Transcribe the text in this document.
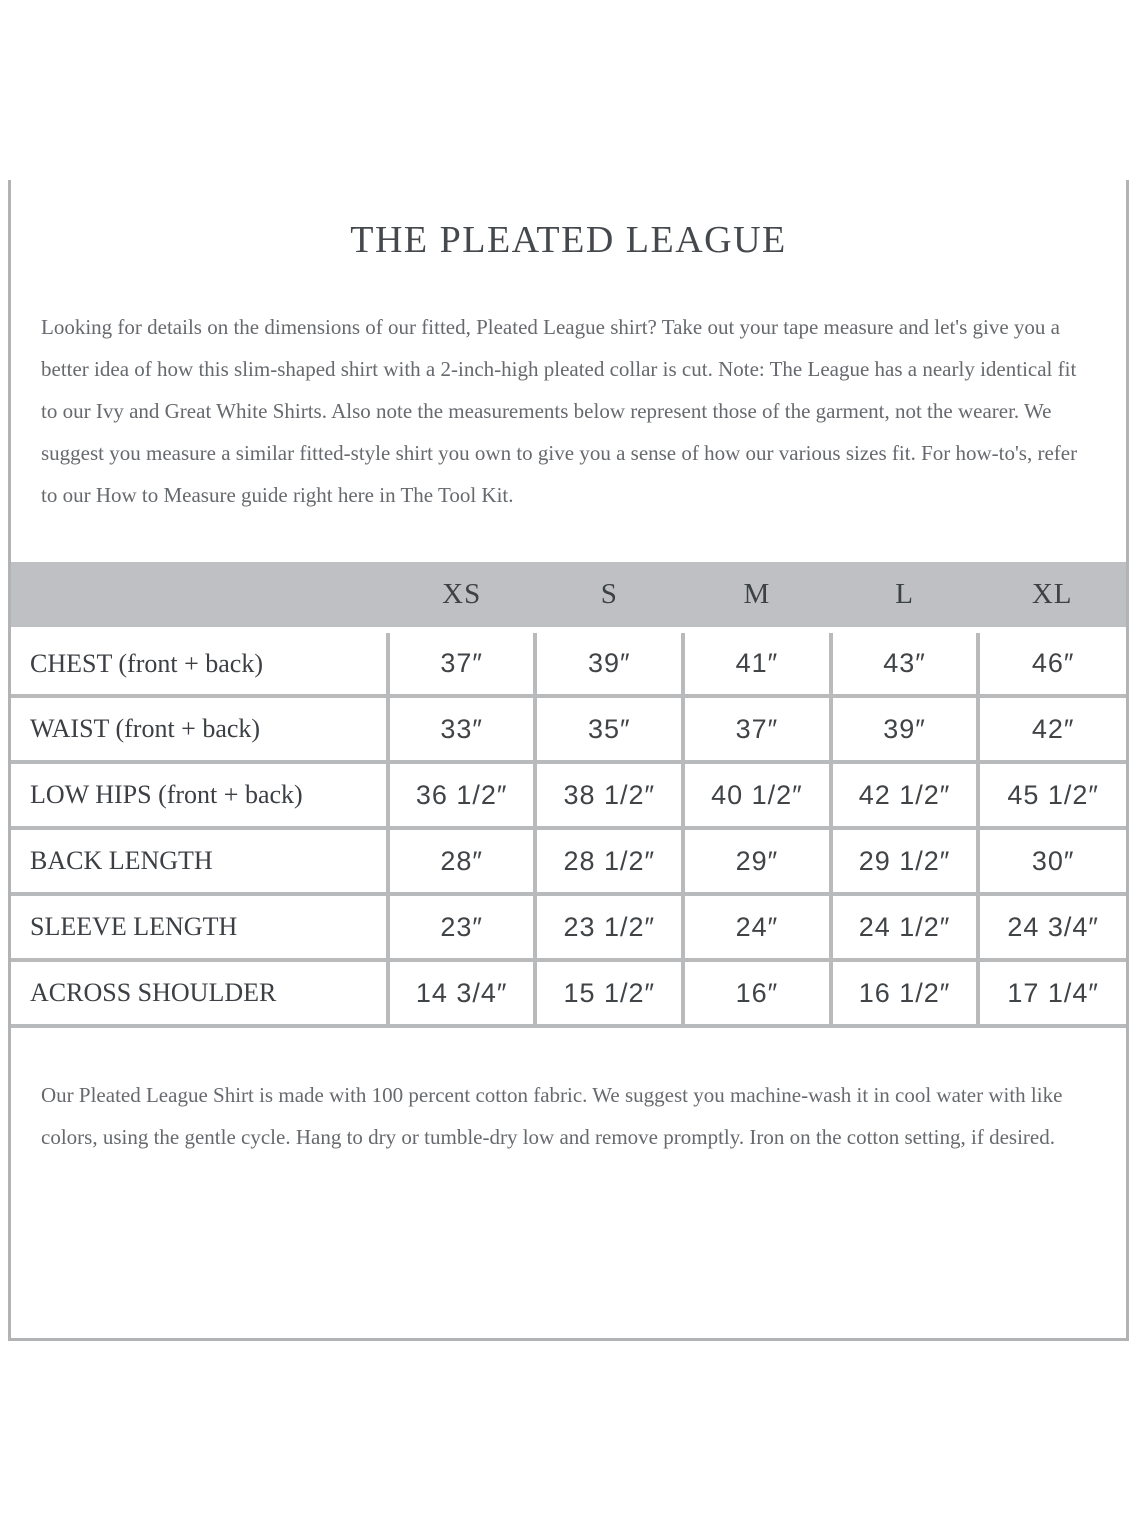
THE PLEATED LEAGUE

Looking for details on the dimensions of our fitted, Pleated League shirt? Take out your tape measure and let's give you a better idea of how this slim-shaped shirt with a 2-inch-high pleated collar is cut. Note: The League has a nearly identical fit to our Ivy and Great White Shirts. Also note the measurements below represent those of the garment, not the wearer. We suggest you measure a similar fitted-style shirt you own to give you a sense of how our various sizes fit. For how-to's, refer to our How to Measure guide right here in The Tool Kit.

	XS	S	M	L	XL
CHEST (front + back)	37″	39″	41″	43″	46″
WAIST (front + back)	33″	35″	37″	39″	42″
LOW HIPS (front + back)	36 1/2″	38 1/2″	40 1/2″	42 1/2″	45 1/2″
BACK LENGTH	28″	28 1/2″	29″	29 1/2″	30″
SLEEVE LENGTH	23″	23 1/2″	24″	24 1/2″	24 3/4″
ACROSS SHOULDER	14 3/4″	15 1/2″	16″	16 1/2″	17 1/4″

Our Pleated League Shirt is made with 100 percent cotton fabric. We suggest you machine-wash it in cool water with like colors, using the gentle cycle. Hang to dry or tumble-dry low and remove promptly. Iron on the cotton setting, if desired.
